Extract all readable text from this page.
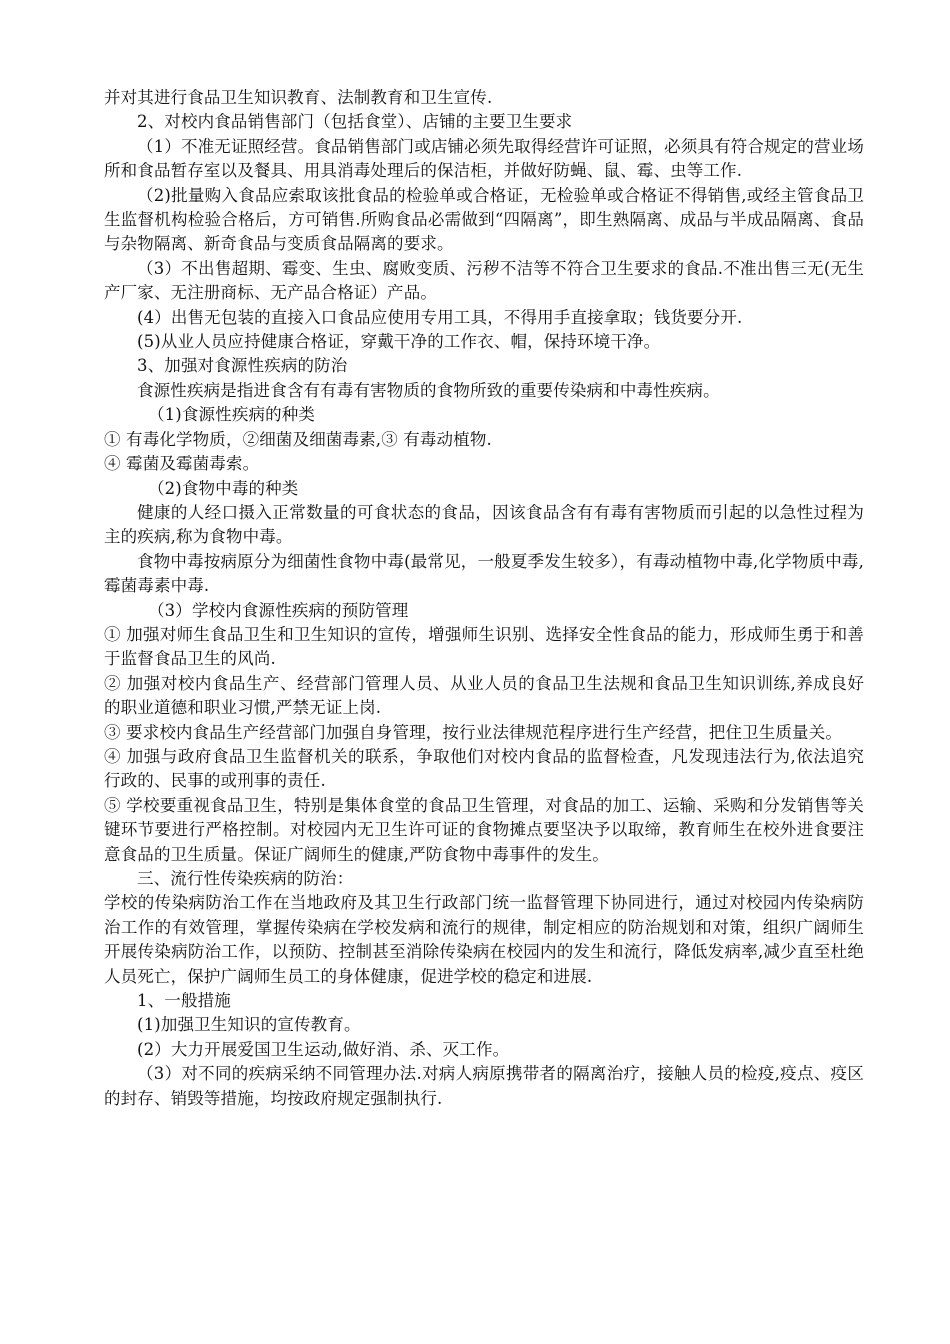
并对其进行食品卫生知识教育、法制教育和卫生宣传.

2、对校内食品销售部门（包括食堂）、店铺的主要卫生要求

（1）不准无证照经营。食品销售部门或店铺必须先取得经营许可证照，必须具有符合规定的营业场所和食品暂存室以及餐具、用具消毒处理后的保洁柜，并做好防蝇、鼠、霉、虫等工作.

（2)批量购入食品应索取该批食品的检验单或合格证，无检验单或合格证不得销售,或经主管食品卫生监督机构检验合格后，方可销售.所购食品必需做到“四隔离”，即生熟隔离、成品与半成品隔离、食品与杂物隔离、新奇食品与变质食品隔离的要求。

（3）不出售超期、霉变、生虫、腐败变质、污秽不洁等不符合卫生要求的食品.不准出售三无(无生产厂家、无注册商标、无产品合格证）产品。

(4）出售无包装的直接入口食品应使用专用工具，不得用手直接拿取；钱货要分开.

(5)从业人员应持健康合格证，穿戴干净的工作衣、帽，保持环境干净。

3、加强对食源性疾病的防治

食源性疾病是指进食含有有毒有害物质的食物所致的重要传染病和中毒性疾病。

（1)食源性疾病的种类

① 有毒化学物质，②细菌及细菌毒素,③ 有毒动植物.

④ 霉菌及霉菌毒索。

（2)食物中毒的种类

健康的人经口摄入正常数量的可食状态的食品，因该食品含有有毒有害物质而引起的以急性过程为主的疾病,称为食物中毒。

食物中毒按病原分为细菌性食物中毒(最常见，一般夏季发生较多），有毒动植物中毒,化学物质中毒,霉菌毒素中毒.

（3）学校内食源性疾病的预防管理

① 加强对师生食品卫生和卫生知识的宣传，增强师生识别、选择安全性食品的能力，形成师生勇于和善于监督食品卫生的风尚.

② 加强对校内食品生产、经营部门管理人员、从业人员的食品卫生法规和食品卫生知识训练,养成良好的职业道德和职业习惯,严禁无证上岗.

③ 要求校内食品生产经营部门加强自身管理，按行业法律规范程序进行生产经营，把住卫生质量关。

④ 加强与政府食品卫生监督机关的联系，争取他们对校内食品的监督检查，凡发现违法行为,依法追究行政的、民事的或刑事的责任.

⑤ 学校要重视食品卫生，特别是集体食堂的食品卫生管理，对食品的加工、运输、采购和分发销售等关键环节要进行严格控制。对校园内无卫生许可证的食物摊点要坚决予以取缔，教育师生在校外进食要注意食品的卫生质量。保证广阔师生的健康,严防食物中毒事件的发生。

三、流行性传染疾病的防治：

学校的传染病防治工作在当地政府及其卫生行政部门统一监督管理下协同进行，通过对校园内传染病防治工作的有效管理，掌握传染病在学校发病和流行的规律，制定相应的防治规划和对策，组织广阔师生开展传染病防治工作，以预防、控制甚至消除传染病在校园内的发生和流行，降低发病率,减少直至杜绝人员死亡，保护广阔师生员工的身体健康，促进学校的稳定和进展.

1、一般措施

(1)加强卫生知识的宣传教育。

(2）大力开展爱国卫生运动,做好消、杀、灭工作。

（3）对不同的疾病采纳不同管理办法.对病人病原携带者的隔离治疗，接触人员的检疫,疫点、疫区的封存、销毁等措施，均按政府规定强制执行.
